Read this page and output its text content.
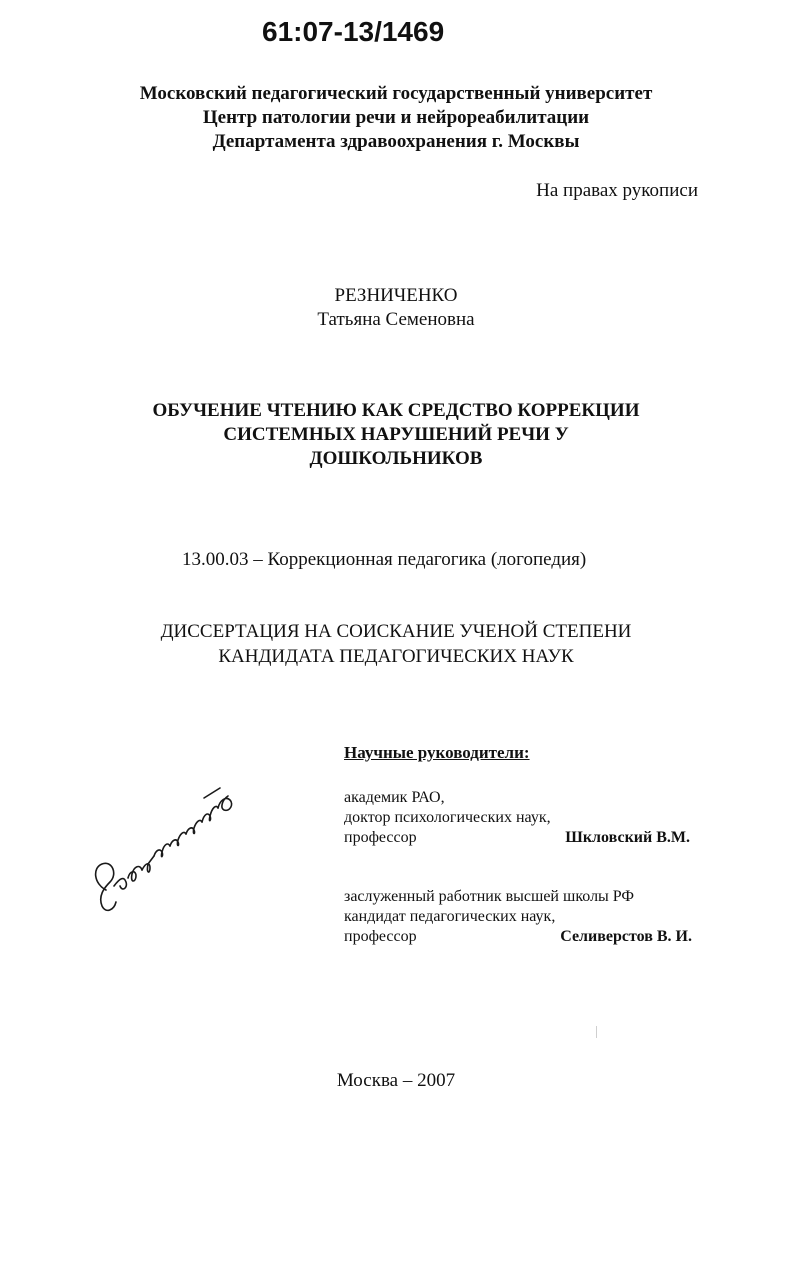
61:07-13/1469
Московский педагогический государственный университет
Центр патологии речи и нейрореабилитации
Департамента здравоохранения г. Москвы
На правах рукописи
РЕЗНИЧЕНКО
Татьяна Семеновна
ОБУЧЕНИЕ ЧТЕНИЮ КАК СРЕДСТВО КОРРЕКЦИИ
СИСТЕМНЫХ НАРУШЕНИЙ РЕЧИ У
ДОШКОЛЬНИКОВ
13.00.03 – Коррекционная педагогика (логопедия)
ДИССЕРТАЦИЯ НА СОИСКАНИЕ УЧЕНОЙ СТЕПЕНИ
КАНДИДАТА ПЕДАГОГИЧЕСКИХ НАУК
Научные руководители:
академик РАО,
доктор психологических наук,
профессор	Шкловский В.М.
заслуженный работник высшей школы РФ
кандидат педагогических наук,
профессор	Селиверстов В. И.
Москва – 2007
